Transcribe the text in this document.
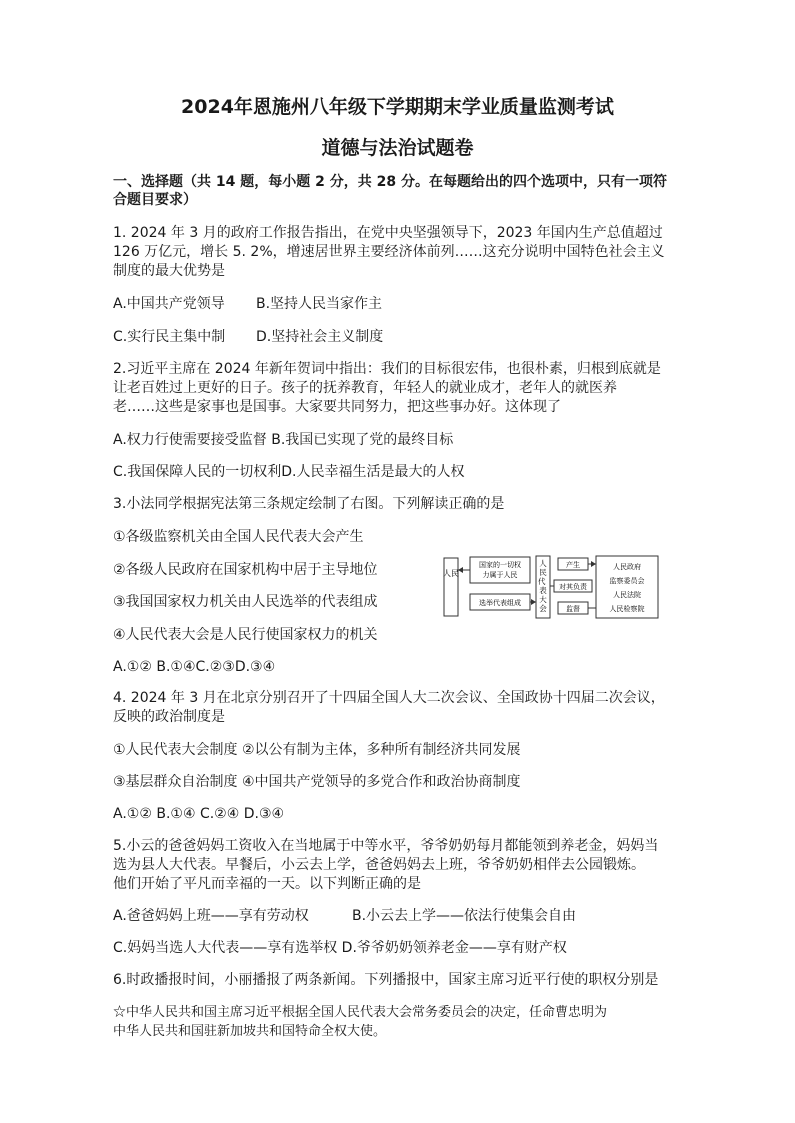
2024年恩施州八年级下学期期末学业质量监测考试
道德与法治试题卷
一、选择题（共 14 题，每小题 2 分，共 28 分。在每题给出的四个选项中，只有一项符
合题目要求）
1. 2024 年 3 月的政府工作报告指出，在党中央坚强领导下，2023 年国内生产总值超过
126 万亿元，增长 5. 2%，增速居世界主要经济体前列……这充分说明中国特色社会主义
制度的最大优势是
A.中国共产党领导 B.坚持人民当家作主
C.实行民主集中制 D.坚持社会主义制度
2.习近平主席在 2024 年新年贺词中指出：我们的目标很宏伟，也很朴素，归根到底就是
让老百姓过上更好的日子。孩子的抚养教育，年轻人的就业成才，老年人的就医养
老……这些是家事也是国事。大家要共同努力，把这些事办好。这体现了
A.权力行使需要接受监督 B.我国已实现了党的最终目标
C.我国保障人民的一切权利D.人民幸福生活是最大的人权
3.小法同学根据宪法第三条规定绘制了右图。下列解读正确的是
①各级监察机关由全国人民代表大会产生
②各级人民政府在国家机构中居于主导地位
③我国国家权力机关由人民选举的代表组成
④人民代表大会是人民行使国家权力的机关
A.①② B.①④C.②③D.③④
人民
国家的一切权
力属于人民
选举代表组成
人民代 表大会
产生
对其负责
监督
人民政府
监察委员会
人民法院
人民检察院
4. 2024 年 3 月在北京分别召开了十四届全国人大二次会议、全国政协十四届二次会议，
反映的政治制度是
①人民代表大会制度 ②以公有制为主体，多种所有制经济共同发展
③基层群众自治制度 ④中国共产党领导的多党合作和政治协商制度
A.①② B.①④ C.②④ D.③④
5.小云的爸爸妈妈工资收入在当地属于中等水平，爷爷奶奶每月都能领到养老金，妈妈当
选为县人大代表。早餐后，小云去上学，爸爸妈妈去上班，爷爷奶奶相伴去公园锻炼。
他们开始了平凡而幸福的一天。以下判断正确的是
A.爸爸妈妈上班——享有劳动权	B.小云去上学——依法行使集会自由
C.妈妈当选人大代表——享有选举权 D.爷爷奶奶领养老金——享有财产权
6.时政播报时间，小丽播报了两条新闻。下列播报中，国家主席习近平行使的职权分别是
☆中华人民共和国主席习近平根据全国人民代表大会常务委员会的决定，任命曹忠明为
中华人民共和国驻新加坡共和国特命全权大使。
